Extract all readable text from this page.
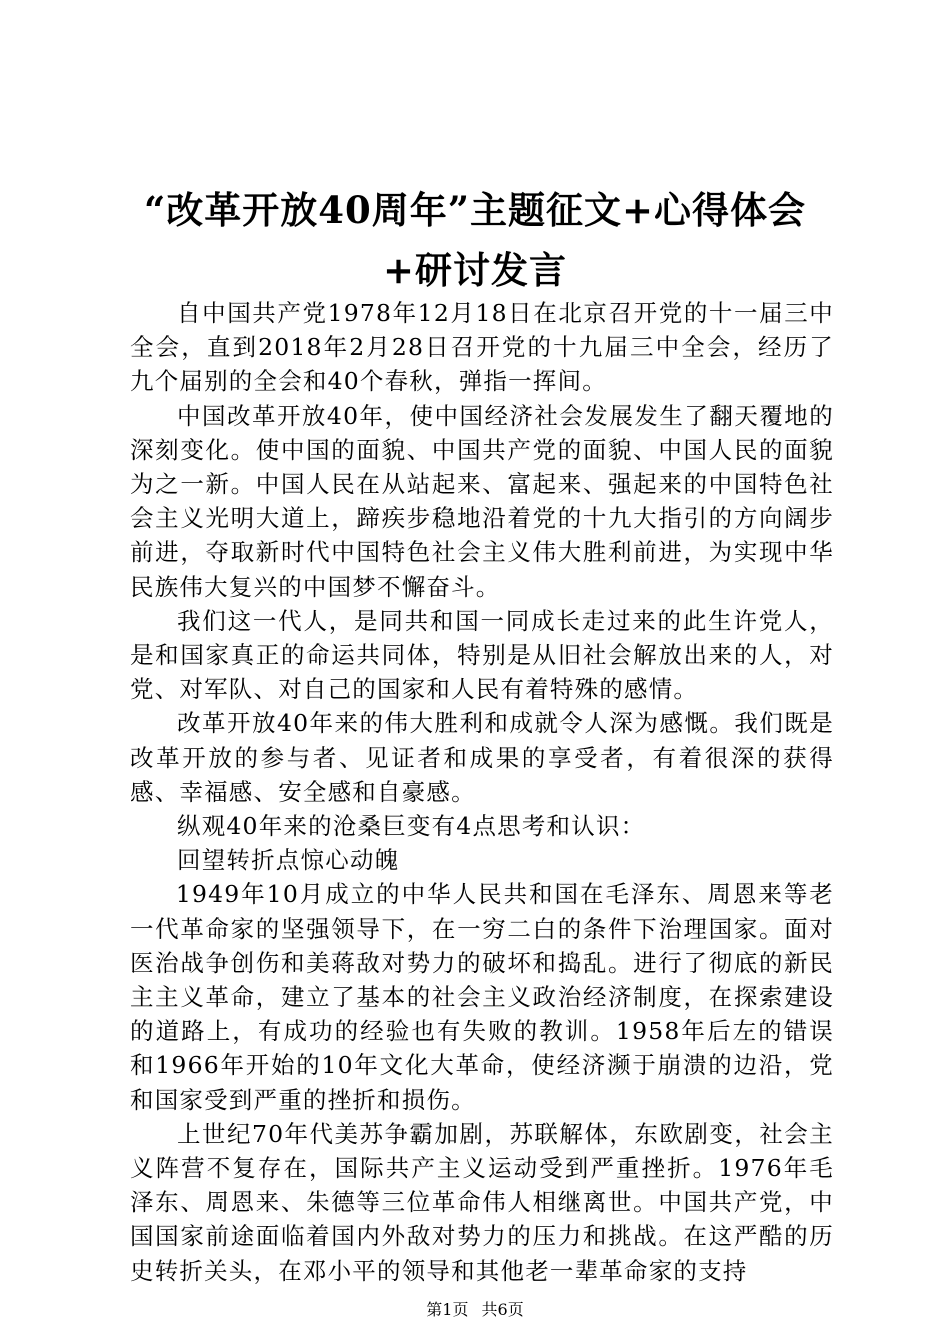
“改革开放40周年”主题征文+心得体会+研讨发言

自中国共产党1978年12月18日在北京召开党的十一届三中全会，直到2018年2月28日召开党的十九届三中全会，经历了九个届别的全会和40个春秋，弹指一挥间。

中国改革开放40年，使中国经济社会发展发生了翻天覆地的深刻变化。使中国的面貌、中国共产党的面貌、中国人民的面貌为之一新。中国人民在从站起来、富起来、强起来的中国特色社会主义光明大道上，蹄疾步稳地沿着党的十九大指引的方向阔步前进，夺取新时代中国特色社会主义伟大胜利前进，为实现中华民族伟大复兴的中国梦不懈奋斗。

我们这一代人，是同共和国一同成长走过来的此生许党人，是和国家真正的命运共同体，特别是从旧社会解放出来的人，对党、对军队、对自己的国家和人民有着特殊的感情。

改革开放40年来的伟大胜利和成就令人深为感慨。我们既是改革开放的参与者、见证者和成果的享受者，有着很深的获得感、幸福感、安全感和自豪感。

纵观40年来的沧桑巨变有4点思考和认识：

回望转折点惊心动魄

1949年10月成立的中华人民共和国在毛泽东、周恩来等老一代革命家的坚强领导下，在一穷二白的条件下治理国家。面对医治战争创伤和美蒋敌对势力的破坏和捣乱。进行了彻底的新民主主义革命，建立了基本的社会主义政治经济制度，在探索建设的道路上，有成功的经验也有失败的教训。1958年后左的错误和1966年开始的10年文化大革命，使经济濒于崩溃的边沿，党和国家受到严重的挫折和损伤。

上世纪70年代美苏争霸加剧，苏联解体，东欧剧变，社会主义阵营不复存在，国际共产主义运动受到严重挫折。1976年毛泽东、周恩来、朱德等三位革命伟人相继离世。中国共产党，中国国家前途面临着国内外敌对势力的压力和挑战。在这严酷的历史转折关头，在邓小平的领导和其他老一辈革命家的支持

第1页 共6页
